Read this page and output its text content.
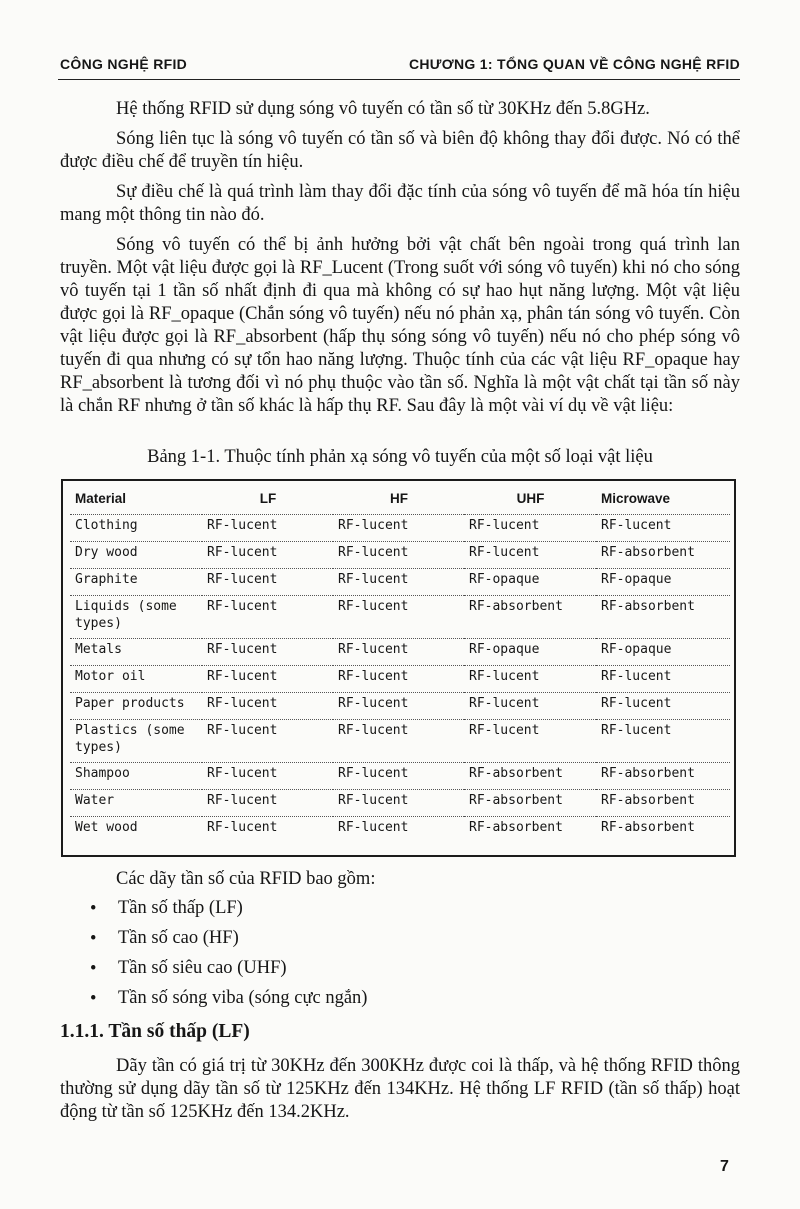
CÔNG NGHỆ RFID	CHƯƠNG 1: TỔNG QUAN VỀ CÔNG NGHỆ RFID

Hệ thống RFID sử dụng sóng vô tuyến có tần số từ 30KHz đến 5.8GHz.

Sóng liên tục là sóng vô tuyến có tần số và biên độ không thay đổi được. Nó có thể được điều chế để truyền tín hiệu.

Sự điều chế là quá trình làm thay đổi đặc tính của sóng vô tuyến để mã hóa tín hiệu mang một thông tin nào đó.

Sóng vô tuyến có thể bị ảnh hưởng bởi vật chất bên ngoài trong quá trình lan truyền. Một vật liệu được gọi là RF_Lucent (Trong suốt với sóng vô tuyến) khi nó cho sóng vô tuyến tại 1 tần số nhất định đi qua mà không có sự hao hụt năng lượng. Một vật liệu được gọi là RF_opaque (Chắn sóng vô tuyến) nếu nó phản xạ, phân tán sóng vô tuyến. Còn vật liệu được gọi là RF_absorbent (hấp thụ sóng sóng vô tuyến) nếu nó cho phép sóng vô tuyến đi qua nhưng có sự tổn hao năng lượng. Thuộc tính của các vật liệu RF_opaque hay RF_absorbent là tương đối vì nó phụ thuộc vào tần số. Nghĩa là một vật chất tại tần số này là chắn RF nhưng ở tần số khác là hấp thụ RF. Sau đây là một vài ví dụ về vật liệu:

Bảng 1-1. Thuộc tính phản xạ sóng vô tuyến của một số loại vật liệu
Material	LF	HF	UHF	Microwave
Clothing	RF-lucent	RF-lucent	RF-lucent	RF-lucent
Dry wood	RF-lucent	RF-lucent	RF-lucent	RF-absorbent
Graphite	RF-lucent	RF-lucent	RF-opaque	RF-opaque
Liquids (some types)	RF-lucent	RF-lucent	RF-absorbent	RF-absorbent
Metals	RF-lucent	RF-lucent	RF-opaque	RF-opaque
Motor oil	RF-lucent	RF-lucent	RF-lucent	RF-lucent
Paper products	RF-lucent	RF-lucent	RF-lucent	RF-lucent
Plastics (some types)	RF-lucent	RF-lucent	RF-lucent	RF-lucent
Shampoo	RF-lucent	RF-lucent	RF-absorbent	RF-absorbent
Water	RF-lucent	RF-lucent	RF-absorbent	RF-absorbent
Wet wood	RF-lucent	RF-lucent	RF-absorbent	RF-absorbent
Các dãy tần số của RFID bao gồm:
• Tần số thấp (LF)
• Tần số cao (HF)
• Tần số siêu cao (UHF)
• Tần số sóng viba (sóng cực ngắn)
1.1.1. Tần số thấp (LF)

Dãy tần có giá trị từ 30KHz đến 300KHz được coi là thấp, và hệ thống RFID thông thường sử dụng dãy tần số từ 125KHz đến 134KHz. Hệ thống LF RFID (tần số thấp) hoạt động từ tần số 125KHz đến 134.2KHz.

7
